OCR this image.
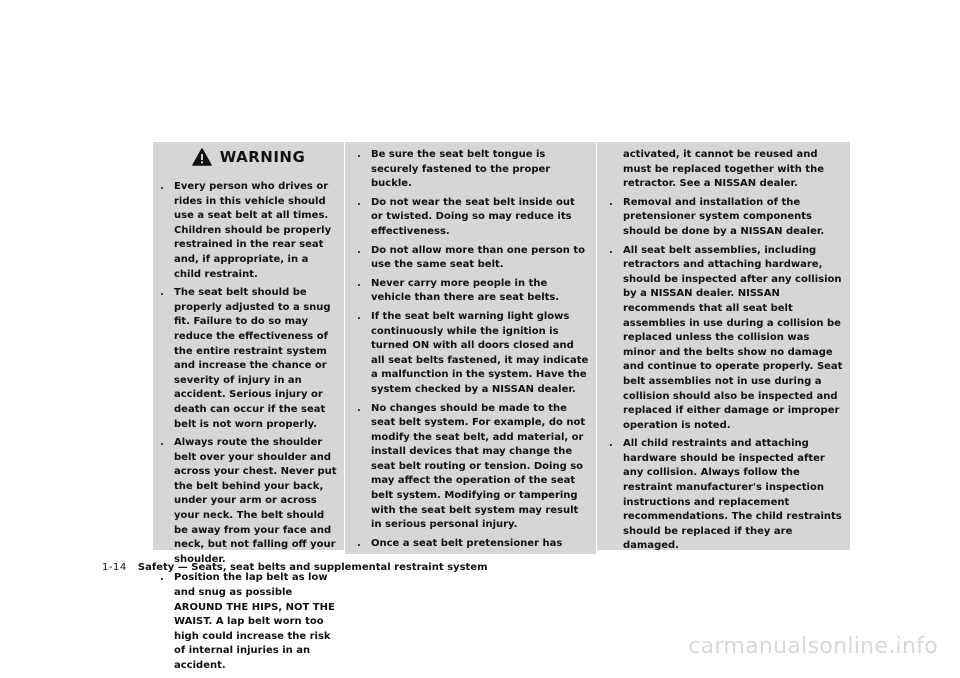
WARNING
. Every person who drives or rides in this vehicle should use a seat belt at all times. Children should be properly restrained in the rear seat and, if appropriate, in a child restraint.
. The seat belt should be properly adjusted to a snug fit. Failure to do so may reduce the effectiveness of the entire restraint system and increase the chance or severity of injury in an accident. Serious injury or death can occur if the seat belt is not worn properly.
. Always route the shoulder belt over your shoulder and across your chest. Never put the belt behind your back, under your arm or across your neck. The belt should be away from your face and neck, but not falling off your shoulder.
. Position the lap belt as low and snug as possible AROUND THE HIPS, NOT THE WAIST. A lap belt worn too high could increase the risk of internal injuries in an accident.
. Be sure the seat belt tongue is securely fastened to the proper buckle.
. Do not wear the seat belt inside out or twisted. Doing so may reduce its effectiveness.
. Do not allow more than one person to use the same seat belt.
. Never carry more people in the vehicle than there are seat belts.
. If the seat belt warning light glows continuously while the ignition is turned ON with all doors closed and all seat belts fastened, it may indicate a malfunction in the system. Have the system checked by a NISSAN dealer.
. No changes should be made to the seat belt system. For example, do not modify the seat belt, add material, or install devices that may change the seat belt routing or tension. Doing so may affect the operation of the seat belt system. Modifying or tampering with the seat belt system may result in serious personal injury.
. Once a seat belt pretensioner has
activated, it cannot be reused and must be replaced together with the retractor. See a NISSAN dealer.
. Removal and installation of the pretensioner system components should be done by a NISSAN dealer.
. All seat belt assemblies, including retractors and attaching hardware, should be inspected after any collision by a NISSAN dealer. NISSAN recommends that all seat belt assemblies in use during a collision be replaced unless the collision was minor and the belts show no damage and continue to operate properly. Seat belt assemblies not in use during a collision should also be inspected and replaced if either damage or improper operation is noted.
. All child restraints and attaching hardware should be inspected after any collision. Always follow the restraint manufacturer's inspection instructions and replacement recommendations. The child restraints should be replaced if they are damaged.
1-14 Safety — Seats, seat belts and supplemental restraint system
carmanualsonline.info
